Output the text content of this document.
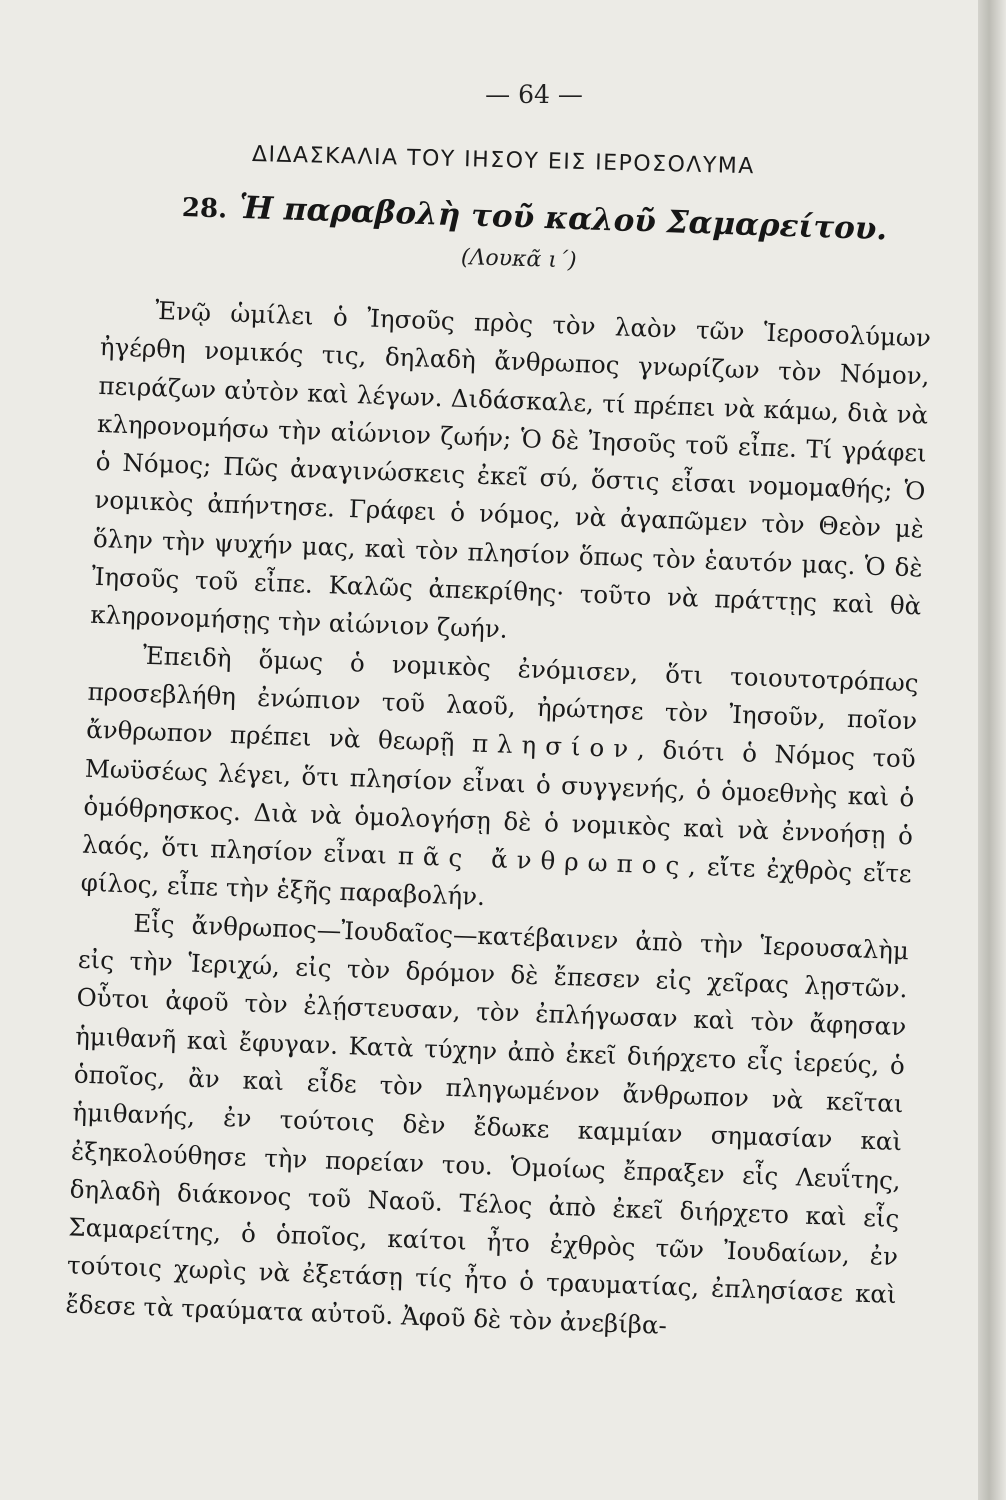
— 64 —
ΔΙΔΑΣΚΑΛΙΑ ΤΟΥ ΙΗΣΟΥ ΕΙΣ ΙΕΡΟΣΟΛΥΜΑ
28. Ἡ παραβολὴ τοῦ καλοῦ Σαμαρείτου.
(Λουκᾶ ι΄)

Ἐνῷ ὡμίλει ὁ Ἰησοῦς πρὸς τὸν λαὸν τῶν Ἱεροσολύμων ἠγέρθη νομικός τις, δηλαδὴ ἄνθρωπος γνωρίζων τὸν Νόμον, πειράζων αὐτὸν καὶ λέγων. Διδάσκαλε, τί πρέπει νὰ κάμω, διὰ νὰ κληρονομήσω τὴν αἰώνιον ζωήν; Ὁ δὲ Ἰησοῦς τοῦ εἶπε. Τί γράφει ὁ Νόμος; Πῶς ἀναγινώσκεις ἐκεῖ σύ, ὅστις εἶσαι νομομαθής; Ὁ νομικὸς ἀπήντησε. Γράφει ὁ νόμος, νὰ ἀγαπῶμεν τὸν Θεὸν μὲ ὅλην τὴν ψυχήν μας, καὶ τὸν πλησίον ὅπως τὸν ἑαυτόν μας. Ὁ δὲ Ἰησοῦς τοῦ εἶπε. Καλῶς ἀπεκρίθης· τοῦτο νὰ πράττῃς καὶ θὰ κληρονομήσῃς τὴν αἰώνιον ζωήν.

Ἐπειδὴ ὅμως ὁ νομικὸς ἐνόμισεν, ὅτι τοιουτοτρόπως προσεβλήθη ἐνώπιον τοῦ λαοῦ, ἠρώτησε τὸν Ἰησοῦν, ποῖον ἄνθρωπον πρέπει νὰ θεωρῇ πλησίον, διότι ὁ Νόμος τοῦ Μωϋσέως λέγει, ὅτι πλησίον εἶναι ὁ συγγενής, ὁ ὁμοεθνὴς καὶ ὁ ὁμόθρησκος. Διὰ νὰ ὁμολογήσῃ δὲ ὁ νομικὸς καὶ νὰ ἐννοήσῃ ὁ λαός, ὅτι πλησίον εἶναι πᾶς ἄνθρωπος, εἴτε ἐχθρὸς εἴτε φίλος, εἶπε τὴν ἑξῆς παραβολήν.

Εἷς ἄνθρωπος—Ἰουδαῖος—κατέβαινεν ἀπὸ τὴν Ἱερουσαλὴμ εἰς τὴν Ἱεριχώ, εἰς τὸν δρόμον δὲ ἔπεσεν εἰς χεῖρας λῃστῶν. Οὗτοι ἀφοῦ τὸν ἐλῄστευσαν, τὸν ἐπλήγωσαν καὶ τὸν ἄφησαν ἡμιθανῆ καὶ ἔφυγαν. Κατὰ τύχην ἀπὸ ἐκεῖ διήρχετο εἷς ἱερεύς, ὁ ὁποῖος, ἂν καὶ εἶδε τὸν πληγωμένον ἄνθρωπον νὰ κεῖται ἡμιθανής, ἐν τούτοις δὲν ἔδωκε καμμίαν σημασίαν καὶ ἐξηκολούθησε τὴν πορείαν του. Ὁμοίως ἔπραξεν εἷς Λευΐτης, δηλαδὴ διάκονος τοῦ Ναοῦ. Τέλος ἀπὸ ἐκεῖ διήρχετο καὶ εἷς Σαμαρείτης, ὁ ὁποῖος, καίτοι ἦτο ἐχθρὸς τῶν Ἰουδαίων, ἐν τούτοις χωρὶς νὰ ἐξετάσῃ τίς ἦτο ὁ τραυματίας, ἐπλησίασε καὶ ἔδεσε τὰ τραύματα αὐτοῦ. Ἀφοῦ δὲ τὸν ἀνεβίβα-
